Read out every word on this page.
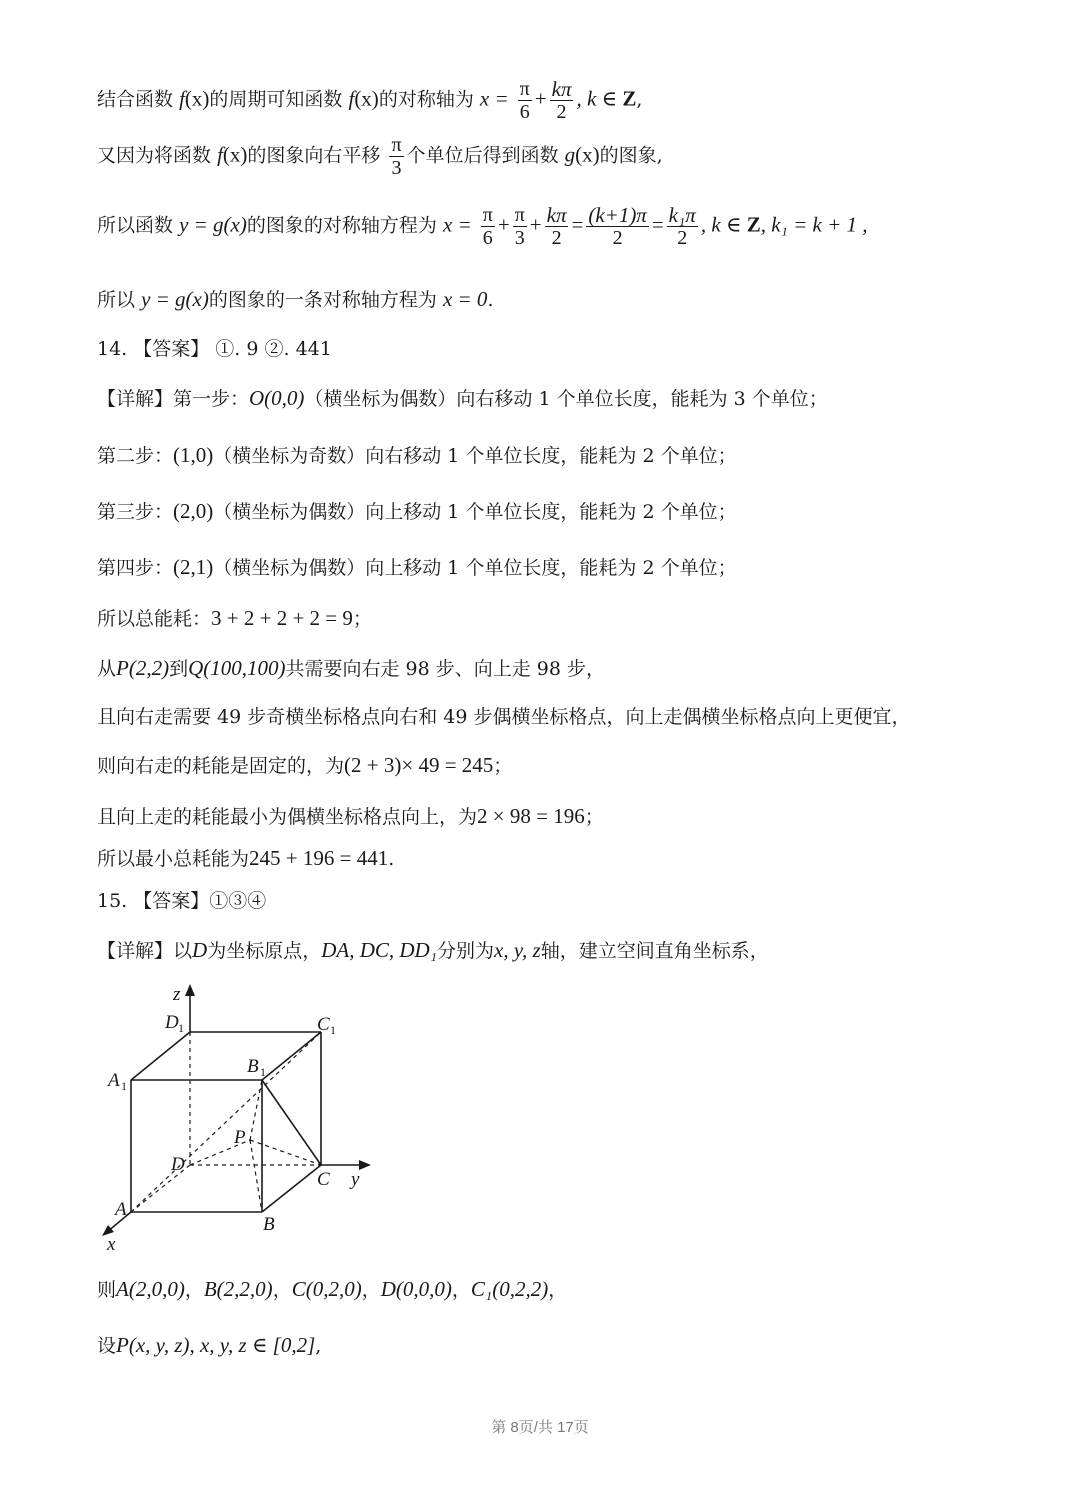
结合函数 f(x)的周期可知函数 f(x)的对称轴为 $x = \frac{\pi}{6} + \frac{k\pi}{2}$ , k ∈ Z,
又因为将函数 f(x)的图象向右平移 $\frac{\pi}{3}$ 个单位后得到函数 g(x)的图象,
所以函数 y = g(x)的图象的对称轴方程为 $x = \frac{\pi}{6} + \frac{\pi}{3} + \frac{k\pi}{2} = \frac{(k+1)\pi}{2} = \frac{\text{k₁π}}{2}$ , k ∈ Z, k₁ = k + 1 ,
所以 y = g(x)的图象的一条对称轴方程为 x = 0.
14. 【答案】 ①. 9 ②. 441
【详解】第一步：O(0,0)（横坐标为偶数）向右移动 1 个单位长度，能耗为 3 个单位；
第二步：(1,0)（横坐标为奇数）向右移动 1 个单位长度，能耗为 2 个单位；
第三步：(2,0)（横坐标为偶数）向上移动 1 个单位长度，能耗为 2 个单位；
第四步：(2,1)（横坐标为偶数）向上移动 1 个单位长度，能耗为 2 个单位；
所以总能耗：3 + 2 + 2 + 2 = 9；
从P(2,2)到Q(100,100)共需要向右走 98 步、向上走 98 步，
且向右走需要 49 步奇横坐标格点向右和 49 步偶横坐标格点，向上走偶横坐标格点向上更便宜，
则向右走的耗能是固定的，为(2 + 3)× 49 = 245；
且向上走的耗能最小为偶横坐标格点向上，为2 × 98 = 196；
所以最小总耗能为245 + 196 = 441.
15. 【答案】①③④
【详解】以D为坐标原点，DA, DC, DD₁分别为x, y, z轴，建立空间直角坐标系，
z
D 1	C 1
A 1
B 1
P
D
C y
A
B
x
则A(2,0,0)，B(2,2,0)，C(0,2,0)，D(0,0,0)，C₁(0,2,2)，
设P(x, y, z), x, y, z ∈ [0,2],
第 8页/共 17页
